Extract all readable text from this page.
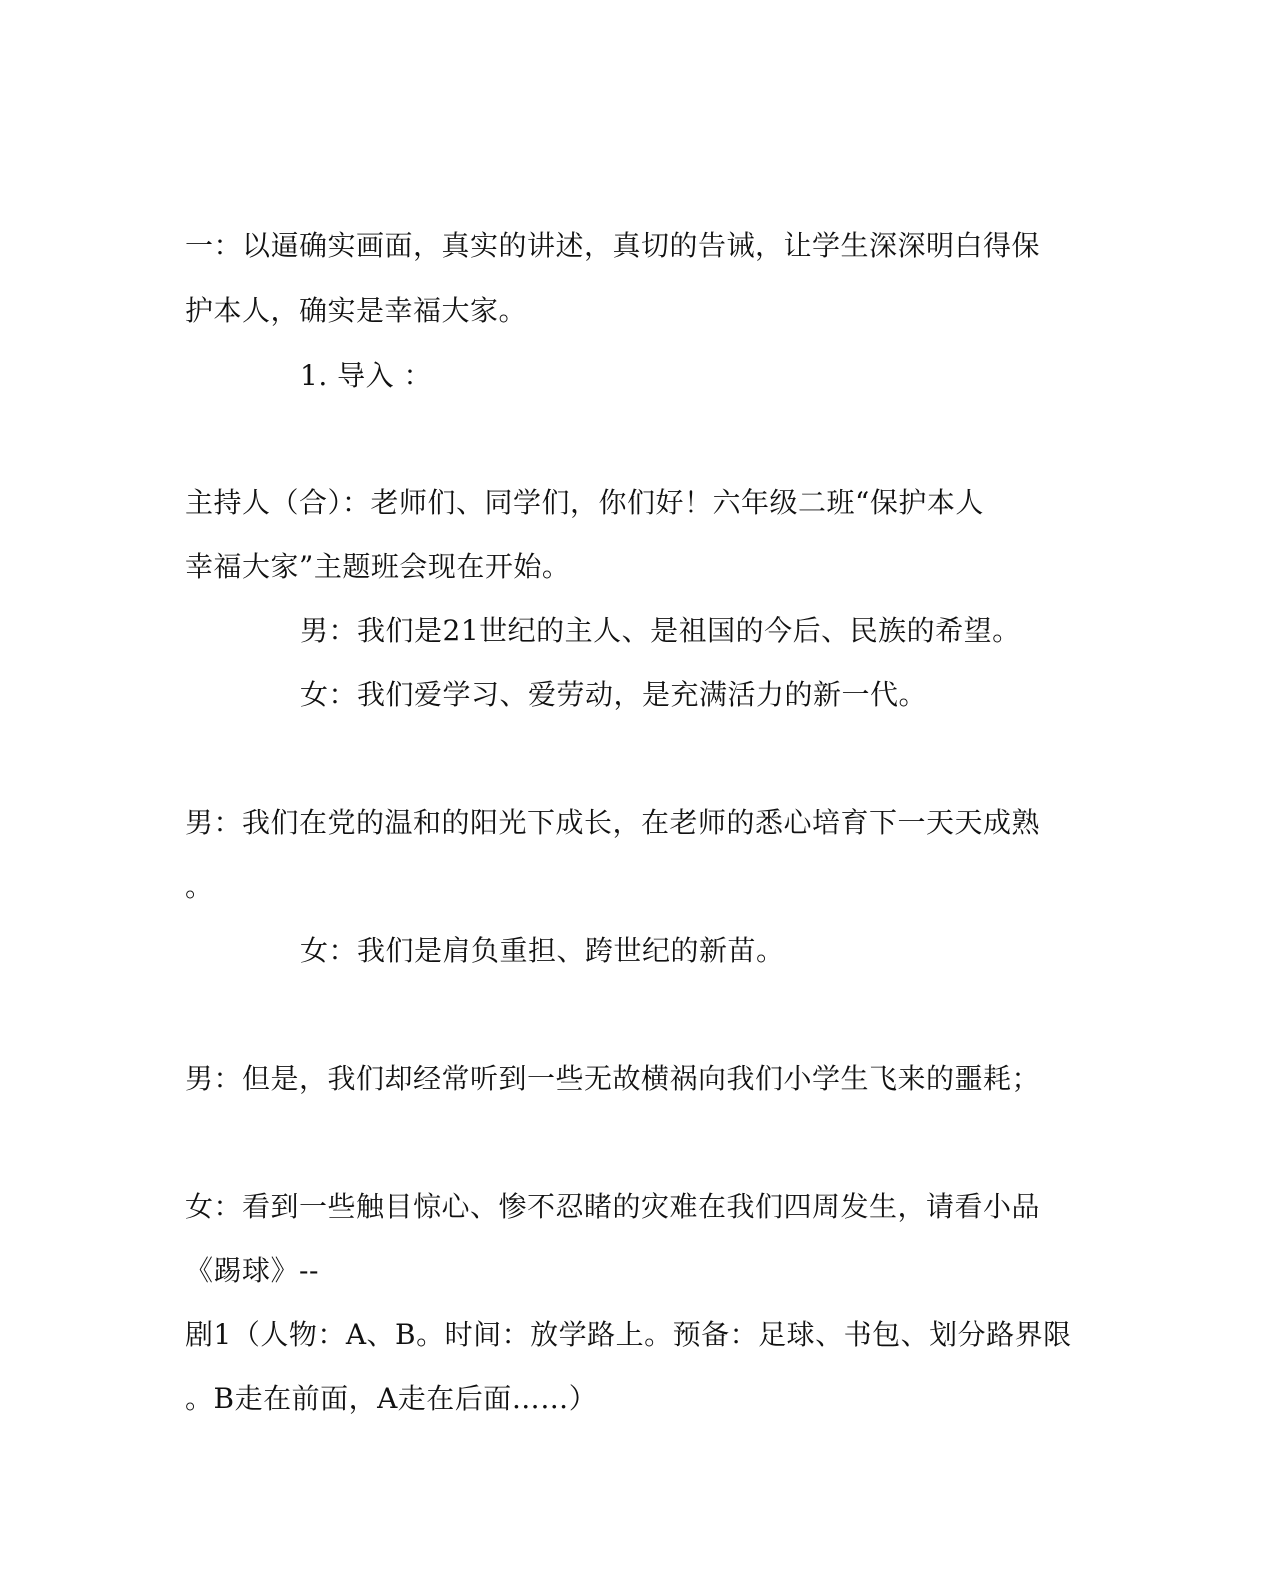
一：以逼确实画面，真实的讲述，真切的告诫，让学生深深明白得保
护本人，确实是幸福大家。
1. 导入 ：
主持人（合）：老师们、同学们，你们好！六年级二班“保护本人
幸福大家”主题班会现在开始。
男：我们是21世纪的主人、是祖国的今后、民族的希望。
女：我们爱学习、爱劳动，是充满活力的新一代。
男：我们在党的温和的阳光下成长，在老师的悉心培育下一天天成熟
。
女：我们是肩负重担、跨世纪的新苗。
男：但是，我们却经常听到一些无故横祸向我们小学生飞来的噩耗；
女：看到一些触目惊心、惨不忍睹的灾难在我们四周发生，请看小品
《踢球》--
剧1（人物：A、B。时间：放学路上。预备：足球、书包、划分路界限
。B走在前面，A走在后面……）
